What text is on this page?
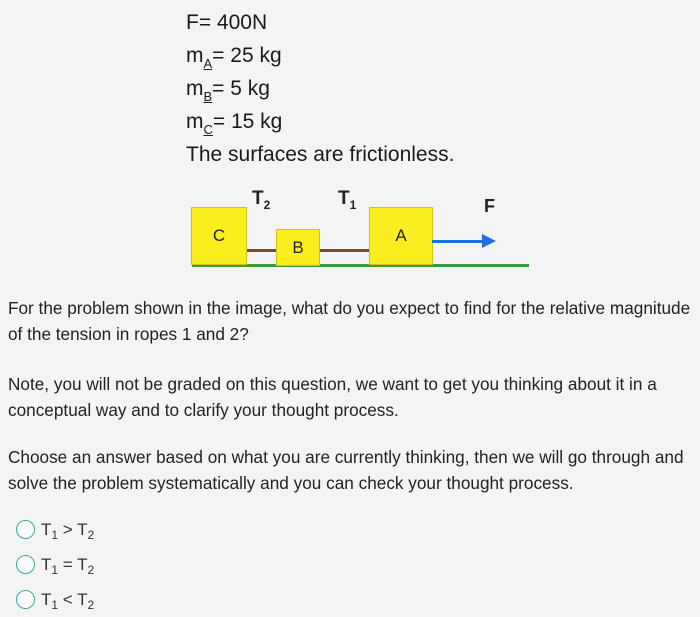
F= 400N
$m_A= 25$ kg
$m_B= 5$ kg
$m_C= 15$ kg
The surfaces are frictionless.
C
B
A
$T_2$	$T_1$	F
For the problem shown in the image, what do you expect to find for the relative magnitude of the tension in ropes 1 and 2?
Note, you will not be graded on this question, we want to get you thinking about it in a conceptual way and to clarify your thought process.
Choose an answer based on what you are currently thinking, then we will go through and solve the problem systematically and you can check your thought process.
$T_1 > T_2$
$T_1 = T_2$
$T_1 < T_2$
